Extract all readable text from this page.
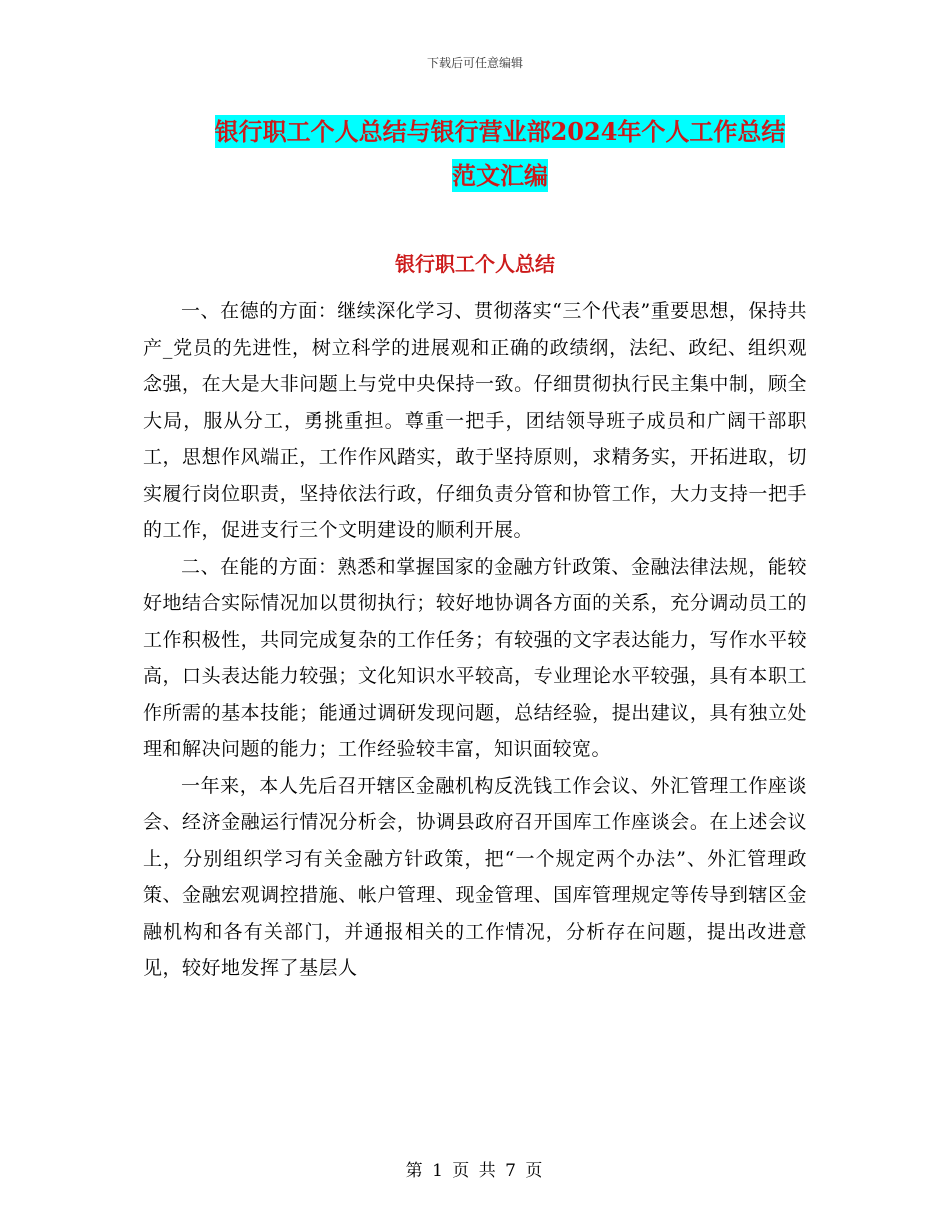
下载后可任意编辑
银行职工个人总结与银行营业部2024年个人工作总结
范文汇编
银行职工个人总结

一、在德的方面：继续深化学习、贯彻落实“三个代表”重要思想，保持共产_党员的先进性，树立科学的进展观和正确的政绩纲，法纪、政纪、组织观念强，在大是大非问题上与党中央保持一致。仔细贯彻执行民主集中制，顾全大局，服从分工，勇挑重担。尊重一把手，团结领导班子成员和广阔干部职工，思想作风端正，工作作风踏实，敢于坚持原则，求精务实，开拓进取，切实履行岗位职责，坚持依法行政，仔细负责分管和协管工作，大力支持一把手的工作，促进支行三个文明建设的顺利开展。

二、在能的方面：熟悉和掌握国家的金融方针政策、金融法律法规，能较好地结合实际情况加以贯彻执行；较好地协调各方面的关系，充分调动员工的工作积极性，共同完成复杂的工作任务；有较强的文字表达能力，写作水平较高，口头表达能力较强；文化知识水平较高，专业理论水平较强，具有本职工作所需的基本技能；能通过调研发现问题，总结经验，提出建议，具有独立处理和解决问题的能力；工作经验较丰富，知识面较宽。

一年来，本人先后召开辖区金融机构反洗钱工作会议、外汇管理工作座谈会、经济金融运行情况分析会，协调县政府召开国库工作座谈会。在上述会议上，分别组织学习有关金融方针政策，把“一个规定两个办法”、外汇管理政策、金融宏观调控措施、帐户管理、现金管理、国库管理规定等传导到辖区金融机构和各有关部门，并通报相关的工作情况，分析存在问题，提出改进意见，较好地发挥了基层人

第 1 页 共 7 页
